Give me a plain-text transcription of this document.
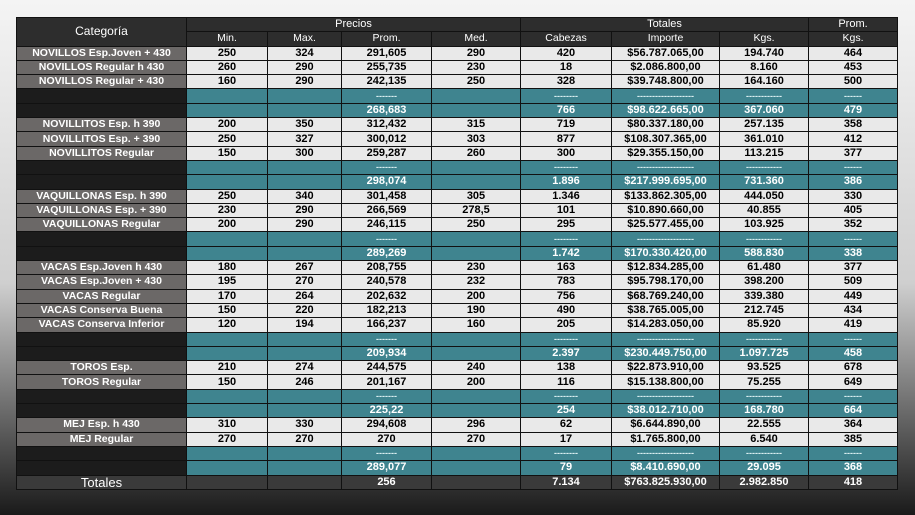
Categoría	Precios				Totales			Prom.
	Min.	Max.	Prom.	Med.	Cabezas	Importe	Kgs.	Kgs.
NOVILLOS Esp.Joven + 430	250	324	291,605	290	420	$56.787.065,00	194.740	464
NOVILLOS Regular h 430	260	290	255,735	230	18	$2.086.800,00	8.160	453
NOVILLOS Regular + 430	160	290	242,135	250	328	$39.748.800,00	164.160	500
			-------		--------	-------------------	------------	------
			268,683		766	$98.622.665,00	367.060	479
NOVILLITOS Esp. h 390	200	350	312,432	315	719	$80.337.180,00	257.135	358
NOVILLITOS Esp. + 390	250	327	300,012	303	877	$108.307.365,00	361.010	412
NOVILLITOS Regular	150	300	259,287	260	300	$29.355.150,00	113.215	377
			-------		--------	-------------------	------------	------
			298,074		1.896	$217.999.695,00	731.360	386
VAQUILLONAS Esp. h 390	250	340	301,458	305	1.346	$133.862.305,00	444.050	330
VAQUILLONAS Esp. + 390	230	290	266,569	278,5	101	$10.890.660,00	40.855	405
VAQUILLONAS Regular	200	290	246,115	250	295	$25.577.455,00	103.925	352
			-------		--------	-------------------	------------	------
			289,269		1.742	$170.330.420,00	588.830	338
VACAS Esp.Joven h 430	180	267	208,755	230	163	$12.834.285,00	61.480	377
VACAS Esp.Joven + 430	195	270	240,578	232	783	$95.798.170,00	398.200	509
VACAS Regular	170	264	202,632	200	756	$68.769.240,00	339.380	449
VACAS Conserva Buena	150	220	182,213	190	490	$38.765.005,00	212.745	434
VACAS Conserva Inferior	120	194	166,237	160	205	$14.283.050,00	85.920	419
			-------		--------	-------------------	------------	------
			209,934		2.397	$230.449.750,00	1.097.725	458
TOROS Esp.	210	274	244,575	240	138	$22.873.910,00	93.525	678
TOROS Regular	150	246	201,167	200	116	$15.138.800,00	75.255	649
			-------		--------	-------------------	------------	------
			225,22		254	$38.012.710,00	168.780	664
MEJ Esp. h 430	310	330	294,608	296	62	$6.644.890,00	22.555	364
MEJ Regular	270	270	270	270	17	$1.765.800,00	6.540	385
			-------		--------	-------------------	------------	------
			289,077		79	$8.410.690,00	29.095	368
Totales			256		7.134	$763.825.930,00	2.982.850	418
